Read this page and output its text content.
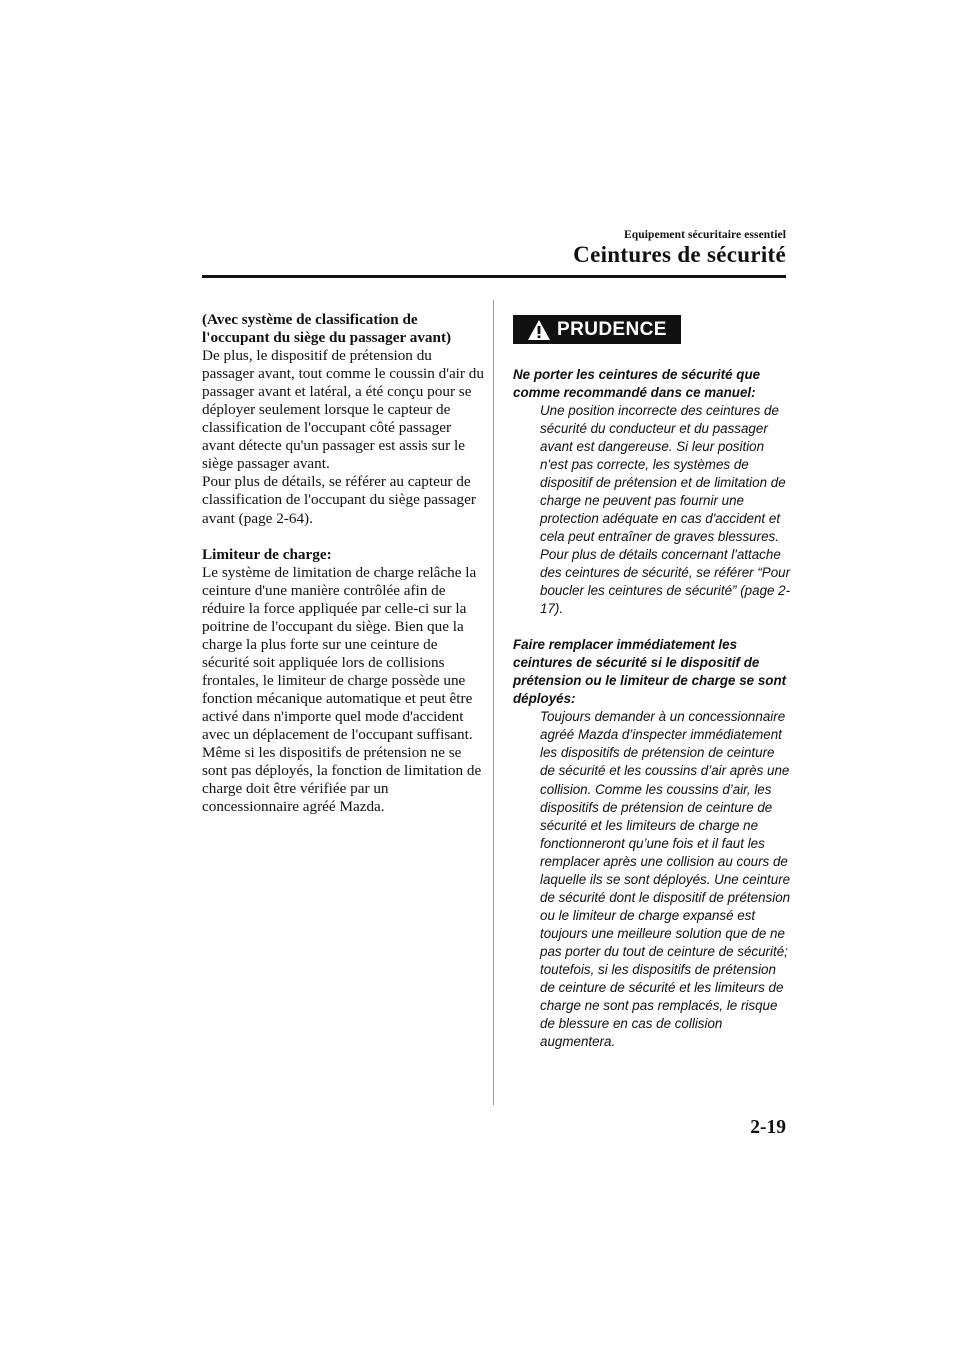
Equipement sécuritaire essentiel
Ceintures de sécurité

(Avec système de classification de l'occupant du siège du passager avant)

De plus, le dispositif de prétension du passager avant, tout comme le coussin d'air du passager avant et latéral, a été conçu pour se déployer seulement lorsque le capteur de classification de l'occupant côté passager avant détecte qu'un passager est assis sur le siège passager avant.

Pour plus de détails, se référer au capteur de classification de l'occupant du siège passager avant (page 2-64).

Limiteur de charge:

Le système de limitation de charge relâche la ceinture d'une manière contrôlée afin de réduire la force appliquée par celle-ci sur la poitrine de l'occupant du siège. Bien que la charge la plus forte sur une ceinture de sécurité soit appliquée lors de collisions frontales, le limiteur de charge possède une fonction mécanique automatique et peut être activé dans n'importe quel mode d'accident avec un déplacement de l'occupant suffisant.

Même si les dispositifs de prétension ne se sont pas déployés, la fonction de limitation de charge doit être vérifiée par un concessionnaire agréé Mazda.

PRUDENCE

Ne porter les ceintures de sécurité que comme recommandé dans ce manuel:

Une position incorrecte des ceintures de sécurité du conducteur et du passager avant est dangereuse. Si leur position n'est pas correcte, les systèmes de dispositif de prétension et de limitation de charge ne peuvent pas fournir une protection adéquate en cas d'accident et cela peut entraîner de graves blessures. Pour plus de détails concernant l'attache des ceintures de sécurité, se référer “Pour boucler les ceintures de sécurité” (page 2-17).

Faire remplacer immédiatement les ceintures de sécurité si le dispositif de prétension ou le limiteur de charge se sont déployés:

Toujours demander à un concessionnaire agréé Mazda d’inspecter immédiatement les dispositifs de prétension de ceinture de sécurité et les coussins d’air après une collision. Comme les coussins d’air, les dispositifs de prétension de ceinture de sécurité et les limiteurs de charge ne fonctionneront qu’une fois et il faut les remplacer après une collision au cours de laquelle ils se sont déployés. Une ceinture de sécurité dont le dispositif de prétension ou le limiteur de charge expansé est toujours une meilleure solution que de ne pas porter du tout de ceinture de sécurité; toutefois, si les dispositifs de prétension de ceinture de sécurité et les limiteurs de charge ne sont pas remplacés, le risque de blessure en cas de collision augmentera.

2-19
